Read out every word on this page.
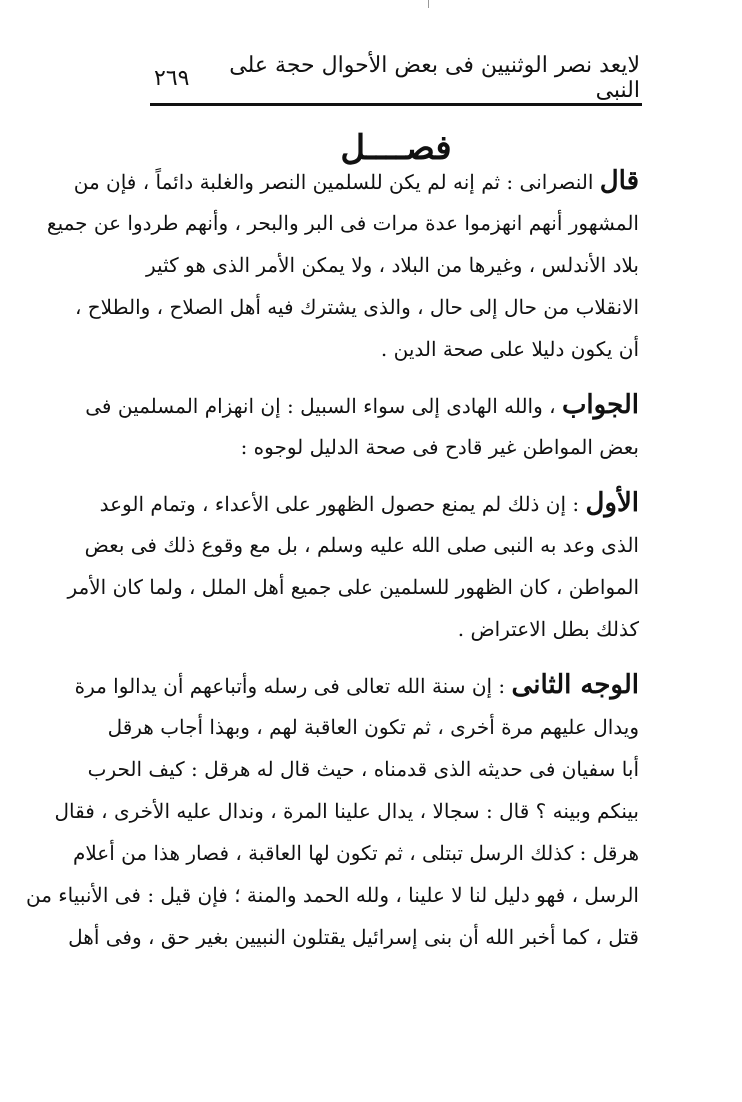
لايعد نصر الوثنيين فى بعض الأحوال حجة على النبى
٢٦٩
فصــــل
قال النصرانى : ثم إنه لم يكن للسلمين النصر والغلبة دائماً ، فإن من
المشهور أنهم انهزموا عدة مرات فى البر والبحر ، وأنهم طردوا عن جميع
بلاد الأندلس ، وغيرها من البلاد ، ولا يمكن الأمر الذى هو كثير
الانقلاب من حال إلى حال ، والذى يشترك فيه أهل الصلاح ، والطلاح ،
أن يكون دليلا على صحة الدين .
الجواب ، والله الهادى إلى سواء السبيل : إن انهزام المسلمين فى
بعض المواطن غير قادح فى صحة الدليل لوجوه :
الأول : إن ذلك لم يمنع حصول الظهور على الأعداء ، وتمام الوعد
الذى وعد به النبى صلى الله عليه وسلم ، بل مع وقوع ذلك فى بعض
المواطن ، كان الظهور للسلمين على جميع أهل الملل ، ولما كان الأمر
كذلك بطل الاعتراض .
الوجه الثانى : إن سنة الله تعالى فى رسله وأتباعهم أن يدالوا مرة
ويدال عليهم مرة أخرى ، ثم تكون العاقبة لهم ، وبهذا أجاب هرقل
أبا سفيان فى حديثه الذى قدمناه ، حيث قال له هرقل : كيف الحرب
بينكم وبينه ؟ قال : سجالا ، يدال علينا المرة ، وندال عليه الأخرى ، فقال
هرقل : كذلك الرسل تبتلى ، ثم تكون لها العاقبة ، فصار هذا من أعلام
الرسل ، فهو دليل لنا لا علينا ، ولله الحمد والمنة ؛ فإن قيل : فى الأنبياء من
قتل ، كما أخبر الله أن بنى إسرائيل يقتلون النبيين بغير حق ، وفى أهل
